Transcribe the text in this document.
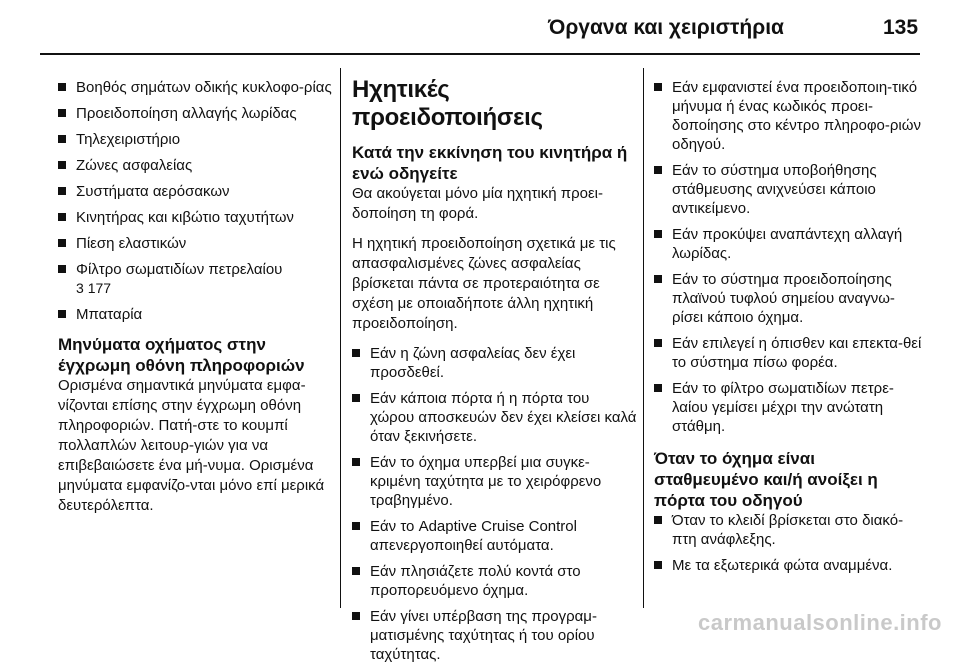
Όργανα και χειριστήρια	135
Βοηθός σημάτων οδικής κυκλοφο-ρίας
Προειδοποίηση αλλαγής λωρίδας
Τηλεχειριστήριο
Ζώνες ασφαλείας
Συστήματα αερόσακων
Κινητήρας και κιβώτιο ταχυτήτων
Πίεση ελαστικών
Φίλτρο σωματιδίων πετρελαίου
3 177
Μπαταρία
Μηνύματα οχήματος στην έγχρωμη οθόνη πληροφοριών

Ορισμένα σημαντικά μηνύματα εμφα-νίζονται επίσης στην έγχρωμη οθόνη πληροφοριών. Πατή-στε το κουμπί πολλαπλών λειτουρ-γιών για να επιβεβαιώσετε ένα μή-νυμα. Ορισμένα μηνύματα εμφανίζο-νται μόνο επί μερικά δευτερόλεπτα.

Ηχητικές προειδοποιήσεις
Κατά την εκκίνηση του κινητήρα ή ενώ οδηγείτε

Θα ακούγεται μόνο μία ηχητική προει-δοποίηση τη φορά.

Η ηχητική προειδοποίηση σχετικά με τις απασφαλισμένες ζώνες ασφαλείας βρίσκεται πάντα σε προτεραιότητα σε σχέση με οποιαδήποτε άλλη ηχητική προειδοποίηση.

Εάν η ζώνη ασφαλείας δεν έχει προσδεθεί.
Εάν κάποια πόρτα ή η πόρτα του χώρου αποσκευών δεν έχει κλείσει καλά όταν ξεκινήσετε.
Εάν το όχημα υπερβεί μια συγκε-κριμένη ταχύτητα με το χειρόφρενο τραβηγμένο.
Εάν το Adaptive Cruise Control απενεργοποιηθεί αυτόματα.
Εάν πλησιάζετε πολύ κοντά στο προπορευόμενο όχημα.
Εάν γίνει υπέρβαση της προγραμ-ματισμένης ταχύτητας ή του ορίου ταχύτητας.
Εάν εμφανιστεί ένα προειδοποιη-τικό μήνυμα ή ένας κωδικός προει-δοποίησης στο κέντρο πληροφο-ριών οδηγού.
Εάν το σύστημα υποβοήθησης στάθμευσης ανιχνεύσει κάποιο αντικείμενο.
Εάν προκύψει αναπάντεχη αλλαγή λωρίδας.
Εάν το σύστημα προειδοποίησης πλαϊνού τυφλού σημείου αναγνω-ρίσει κάποιο όχημα.
Εάν επιλεγεί η όπισθεν και επεκτα-θεί το σύστημα πίσω φορέα.
Εάν το φίλτρο σωματιδίων πετρε-λαίου γεμίσει μέχρι την ανώτατη στάθμη.
Όταν το όχημα είναι σταθμευμένο και/ή ανοίξει η πόρτα του οδηγού
Όταν το κλειδί βρίσκεται στο διακό-πτη ανάφλεξης.
Με τα εξωτερικά φώτα αναμμένα.
carmanualsonline.info
